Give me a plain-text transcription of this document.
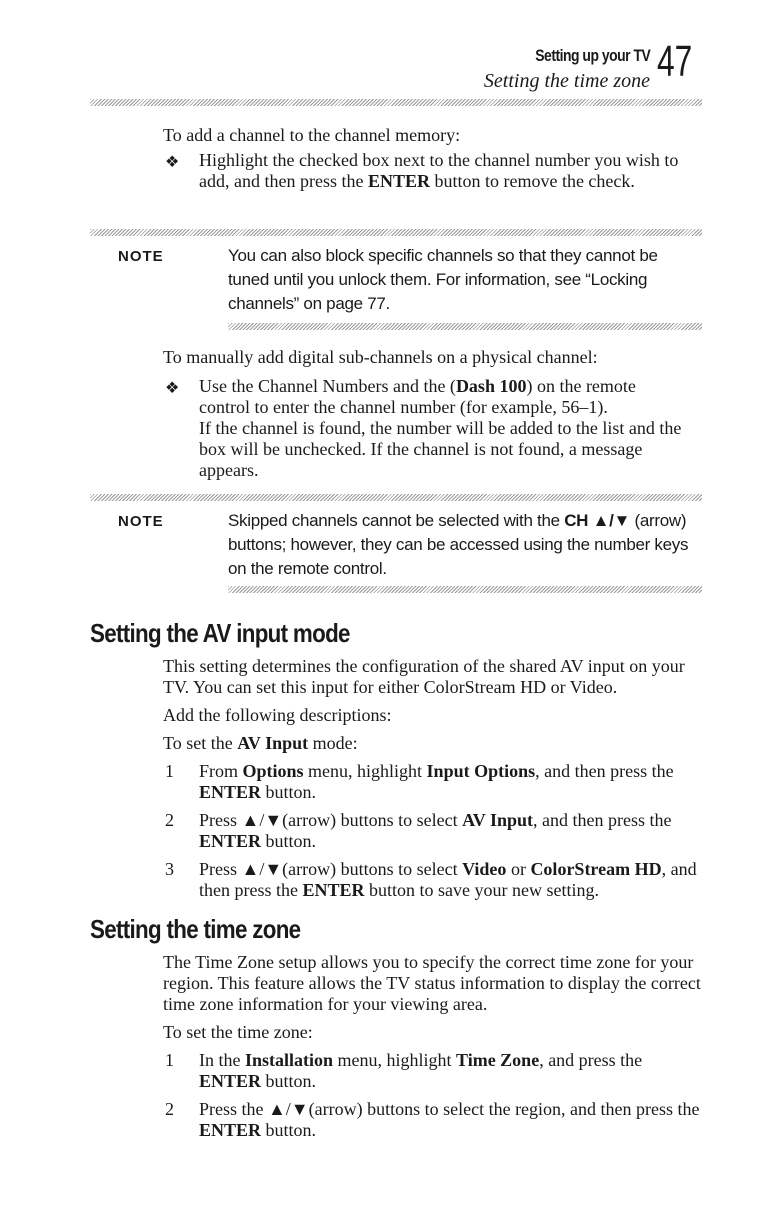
Setting up your TV
Setting the time zone 47

To add a channel to the channel memory:

❖ Highlight the checked box next to the channel number you wish to add, and then press the ENTER button to remove the check.

NOTE	You can also block specific channels so that they cannot be tuned until you unlock them. For information, see “Locking channels” on page 77.

To manually add digital sub-channels on a physical channel:

❖ Use the Channel Numbers and the (Dash 100) on the remote control to enter the channel number (for example, 56–1).
If the channel is found, the number will be added to the list and the box will be unchecked. If the channel is not found, a message appears.

NOTE	Skipped channels cannot be selected with the CH ▲/▼ (arrow) buttons; however, they can be accessed using the number keys on the remote control.

Setting the AV input mode

This setting determines the configuration of the shared AV input on your TV. You can set this input for either ColorStream HD or Video.

Add the following descriptions:

To set the AV Input mode:

1 From Options menu, highlight Input Options, and then press the ENTER button.

2 Press ▲/▼(arrow) buttons to select AV Input, and then press the ENTER button.

3 Press ▲/▼(arrow) buttons to select Video or ColorStream HD, and then press the ENTER button to save your new setting.

Setting the time zone

The Time Zone setup allows you to specify the correct time zone for your region. This feature allows the TV status information to display the correct time zone information for your viewing area.

To set the time zone:

1 In the Installation menu, highlight Time Zone, and press the ENTER button.

2 Press the ▲/▼(arrow) buttons to select the region, and then press the ENTER button.
